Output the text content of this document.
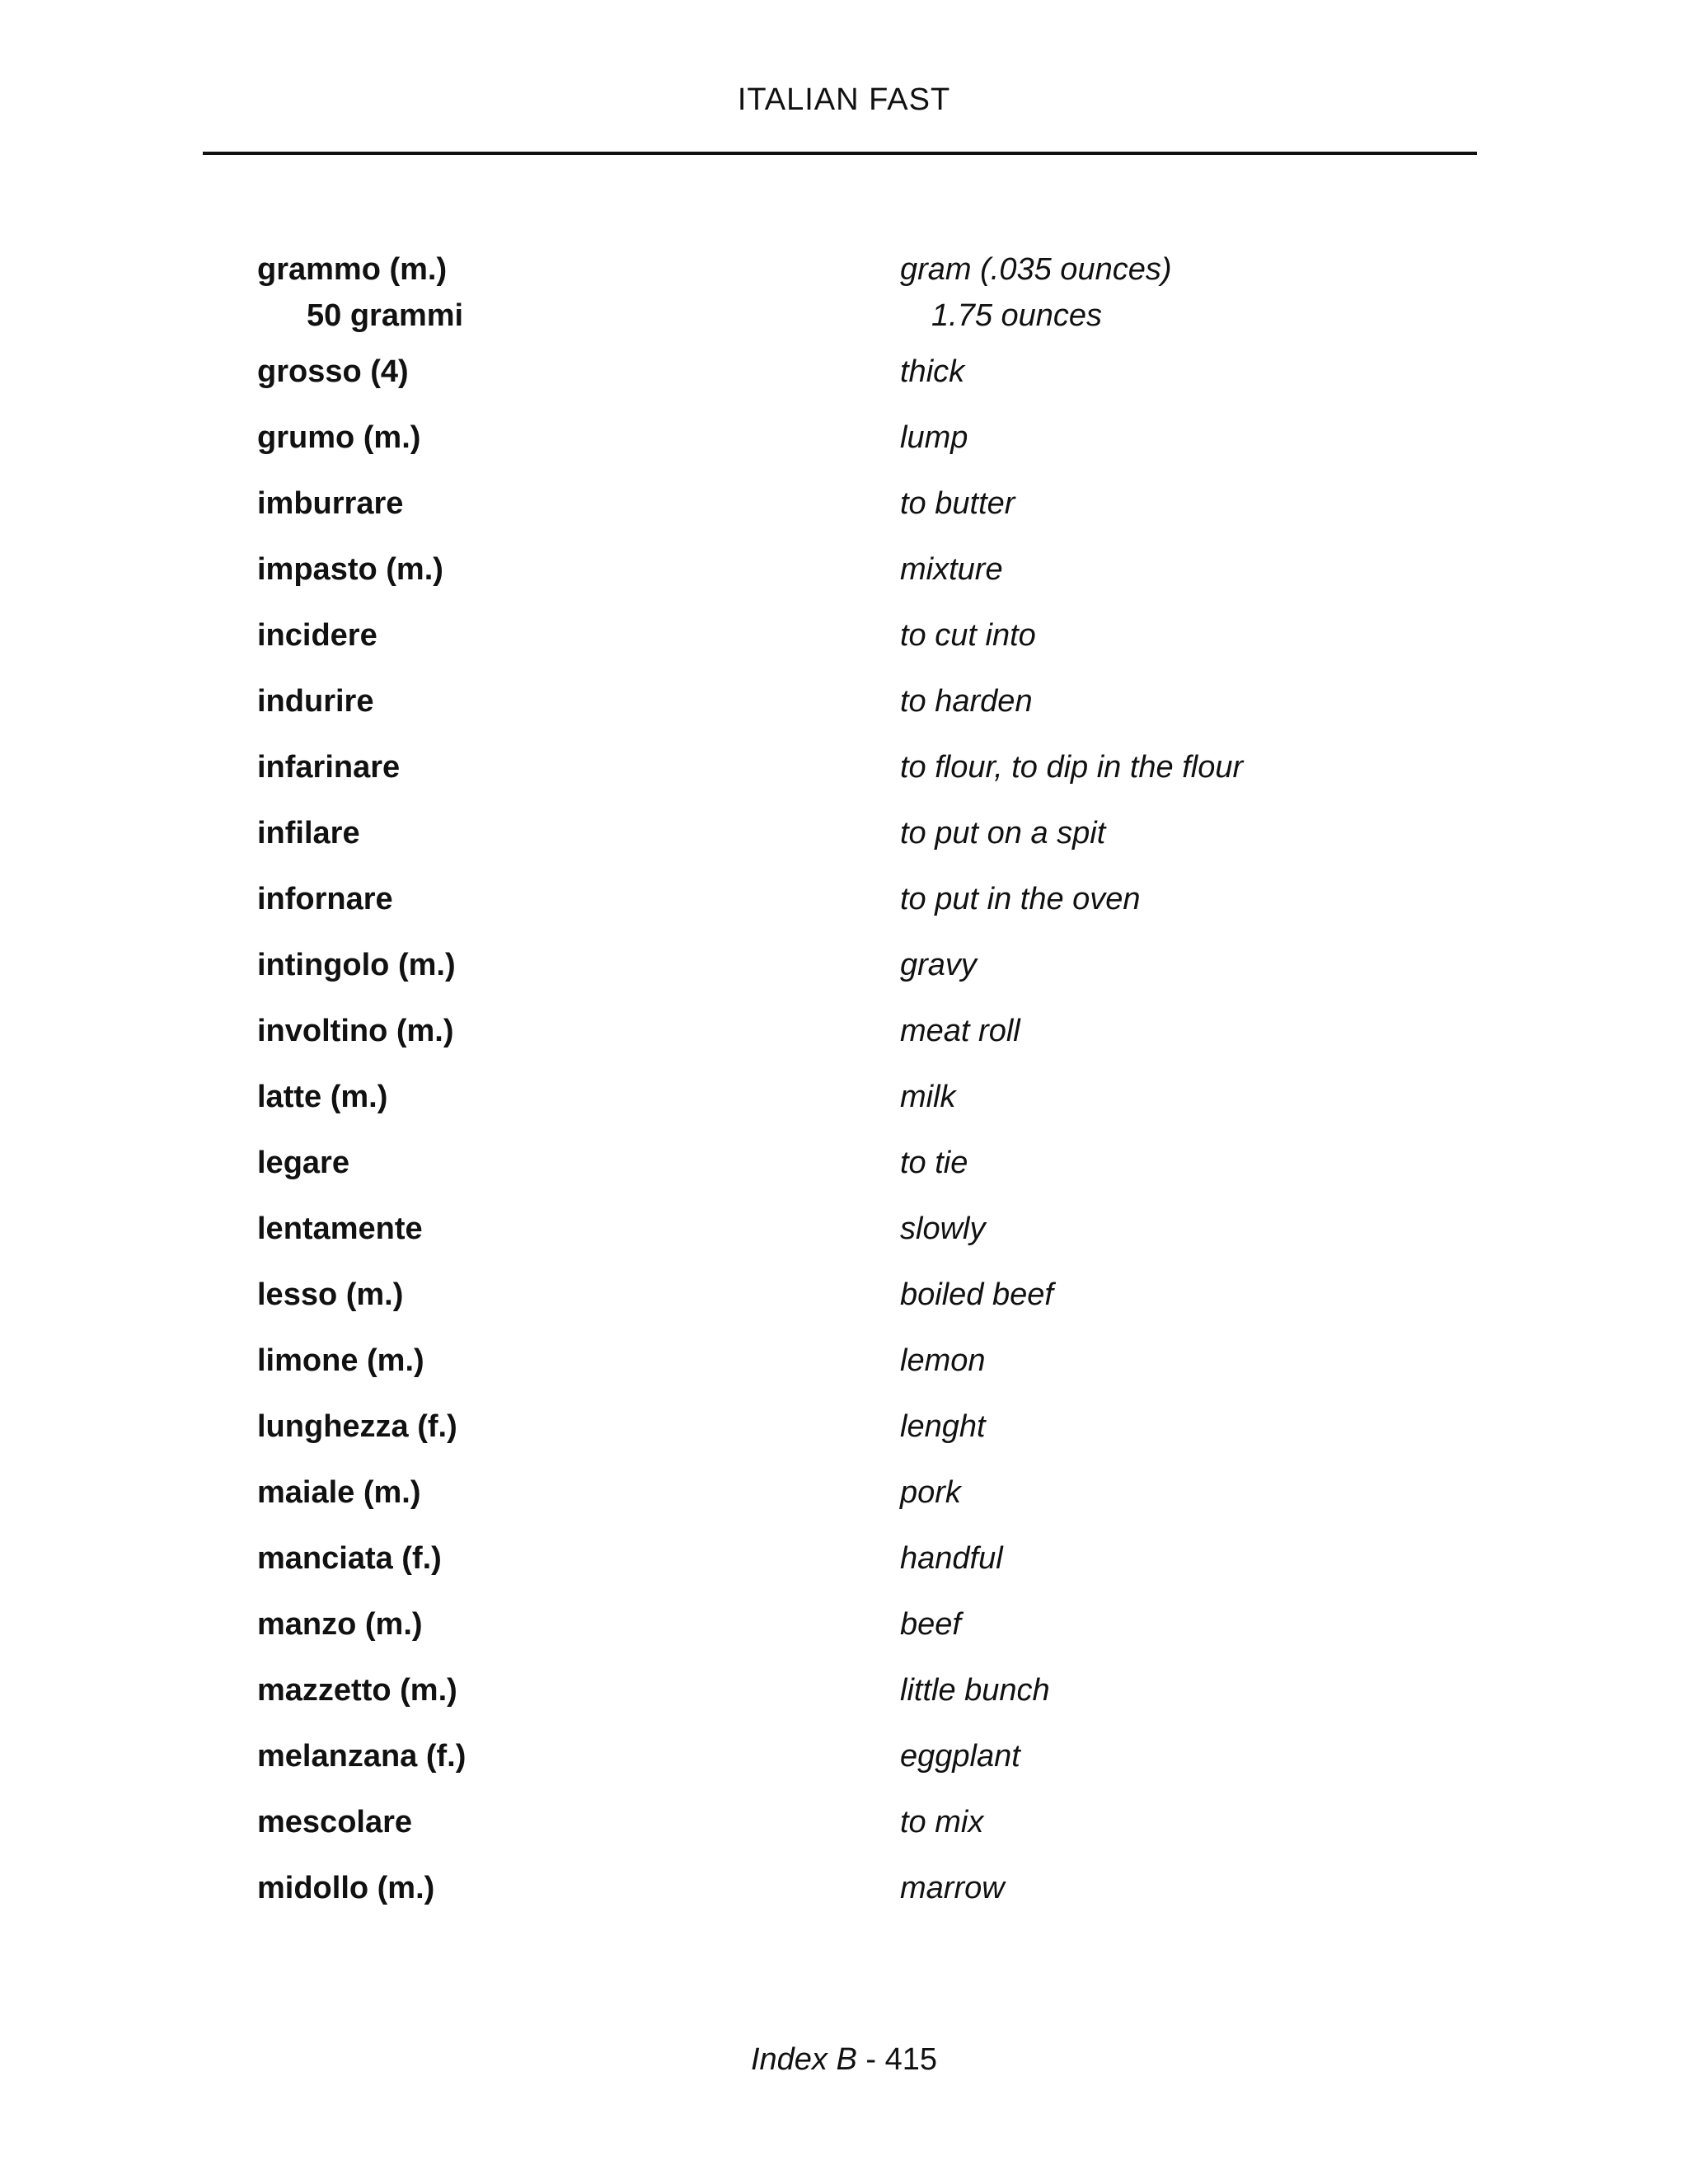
ITALIAN FAST
grammo (m.)	gram (.035 ounces)
50 grammi	1.75 ounces
grosso (4)	thick
grumo (m.)	lump
imburrare	to butter
impasto (m.)	mixture
incidere	to cut into
indurire	to harden
infarinare	to flour, to dip in the flour
infilare	to put on a spit
infornare	to put in the oven
intingolo (m.)	gravy
involtino (m.)	meat roll
latte (m.)	milk
legare	to tie
lentamente	slowly
lesso (m.)	boiled beef
limone (m.)	lemon
lunghezza (f.)	lenght
maiale (m.)	pork
manciata (f.)	handful
manzo (m.)	beef
mazzetto (m.)	little bunch
melanzana (f.)	eggplant
mescolare	to mix
midollo (m.)	marrow
Index B - 415
